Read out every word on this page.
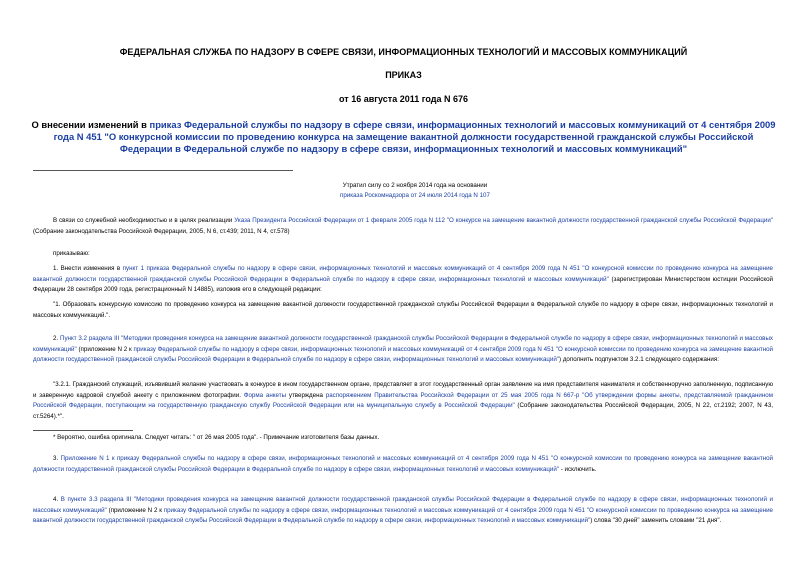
ФЕДЕРАЛЬНАЯ СЛУЖБА ПО НАДЗОРУ В СФЕРЕ СВЯЗИ, ИНФОРМАЦИОННЫХ ТЕХНОЛОГИЙ И МАССОВЫХ КОММУНИКАЦИЙ
ПРИКАЗ
от 16 августа 2011 года N 676
О внесении изменений в приказ Федеральной службы по надзору в сфере связи, информационных технологий и массовых коммуникаций от 4 сентября 2009 года N 451 "О конкурсной комиссии по проведению конкурса на замещение вакантной должности государственной гражданской службы Российской Федерации в Федеральной службе по надзору в сфере связи, информационных технологий и массовых коммуникаций"
Утратил силу со 2 ноября 2014 года на основании
приказа Роскомнадзора от 24 июля 2014 года N 107
В связи со служебной необходимостью и в целях реализации Указа Президента Российской Федерации от 1 февраля 2005 года N 112 "О конкурсе на замещение вакантной должности государственной гражданской службы Российской Федерации" (Собрание законодательства Российской Федерации, 2005, N 6, ст.439; 2011, N 4, ст.578)
приказываю:
1. Внести изменения в пункт 1 приказа Федеральной службы по надзору в сфере связи, информационных технологий и массовых коммуникаций от 4 сентября 2009 года N 451 "О конкурсной комиссии по проведению конкурса на замещение вакантной должности государственной гражданской службы Российской Федерации в Федеральной службе по надзору в сфере связи, информационных технологий и массовых коммуникаций" (зарегистрирован Министерством юстиции Российской Федерации 28 сентября 2009 года, регистрационный N 14885), изложив его в следующей редакции:
"1. Образовать конкурсную комиссию по проведению конкурса на замещение вакантной должности государственной гражданской службы Российской Федерации в Федеральной службе по надзору в сфере связи, информационных технологий и массовых коммуникаций.".
2. Пункт 3.2 раздела III "Методики проведения конкурса на замещение вакантной должности государственной гражданской службы Российской Федерации в Федеральной службе по надзору в сфере связи, информационных технологий и массовых коммуникаций" (приложение N 2 к приказу Федеральной службы по надзору в сфере связи, информационных технологий и массовых коммуникаций от 4 сентября 2009 года N 451 "О конкурсной комиссии по проведению конкурса на замещение вакантной должности государственной гражданской службы Российской Федерации в Федеральной службе по надзору в сфере связи, информационных технологий и массовых коммуникаций") дополнить подпунктом 3.2.1 следующего содержания:
"3.2.1. Гражданский служащий, изъявивший желание участвовать в конкурсе в ином государственном органе, представляет в этот государственный орган заявление на имя представителя нанимателя и собственноручно заполненную, подписанную и заверенную кадровой службой анкету с приложением фотографии. Форма анкеты утверждена распоряжением Правительства Российской Федерации от 25 мая 2005 года N 667-р "Об утверждении формы анкеты, представляемой гражданином Российской Федерации, поступающим на государственную гражданскую службу Российской Федерации или на муниципальную службу в Российской Федерации" (Собрание законодательства Российской Федерации, 2005, N 22, ст.2192; 2007, N 43, ст.5264).*".
* Вероятно, ошибка оригинала. Следует читать: " от 26 мая 2005 года". - Примечание изготовителя базы данных.
3. Приложение N 1 к приказу Федеральной службы по надзору в сфере связи, информационных технологий и массовых коммуникаций от 4 сентября 2009 года N 451 "О конкурсной комиссии по проведению конкурса на замещение вакантной должности государственной гражданской службы Российской Федерации в Федеральной службе по надзору в сфере связи, информационных технологий и массовых коммуникаций" - исключить.
4. В пункте 3.3 раздела III "Методики проведения конкурса на замещение вакантной должности государственной гражданской службы Российской Федерации в Федеральной службе по надзору в сфере связи, информационных технологий и массовых коммуникаций" (приложение N 2 к приказу Федеральной службы по надзору в сфере связи, информационных технологий и массовых коммуникаций от 4 сентября 2009 года N 451 "О конкурсной комиссии по проведению конкурса на замещение вакантной должности государственной гражданской службы Российской Федерации в Федеральной службе по надзору в сфере связи, информационных технологий и массовых коммуникаций") слова "30 дней" заменить словами "21 дня".
